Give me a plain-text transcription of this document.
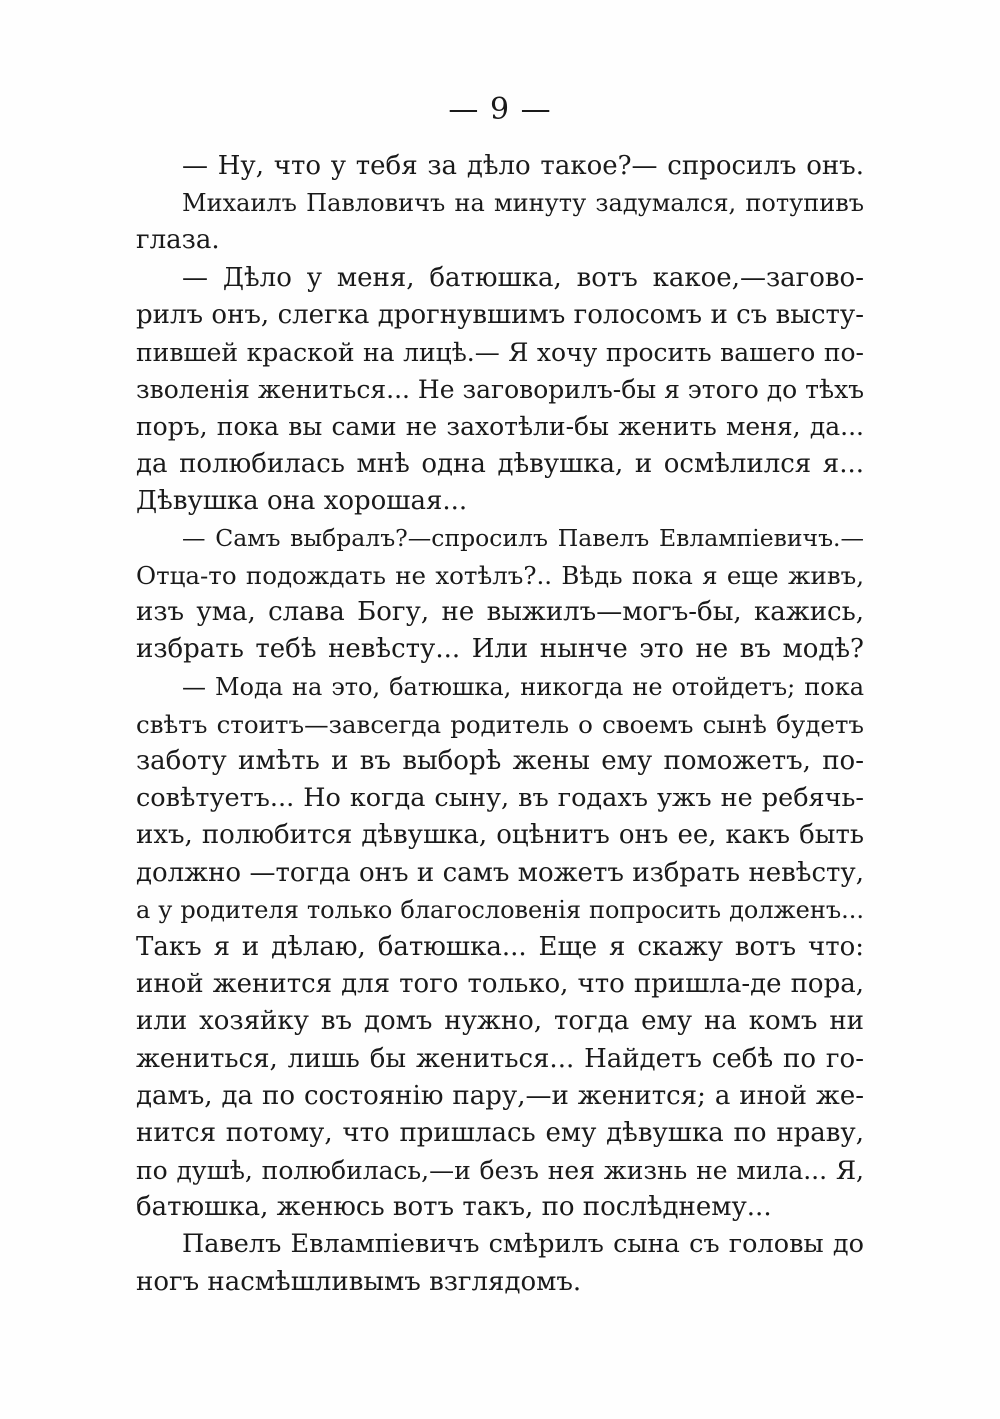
— 9 —
— Ну, что у тебя за дѣло такое?— спросилъ онъ.
Михаилъ Павловичъ на минуту задумался, потупивъ
глаза.
— Дѣло у меня, батюшка, вотъ какое,—загово-
рилъ онъ, слегка дрогнувшимъ голосомъ и съ высту-
пившей краской на лицѣ.— Я хочу просить вашего по-
зволенія жениться... Не заговорилъ-бы я этого до тѣхъ
поръ, пока вы сами не захотѣли-бы женить меня, да...
да полюбилась мнѣ одна дѣвушка, и осмѣлился я...
Дѣвушка она хорошая...
— Самъ выбралъ?—спросилъ Павелъ Евлампіевичъ.—
Отца-то подождать не хотѣлъ?.. Вѣдь пока я еще живъ,
изъ ума, слава Богу, не выжилъ—могъ-бы, кажись,
избрать тебѣ невѣсту... Или нынче это не въ модѣ?
— Мода на это, батюшка, никогда не отойдетъ; пока
свѣтъ стоитъ—завсегда родитель о своемъ сынѣ будетъ
заботу имѣть и въ выборѣ жены ему поможетъ, по-
совѣтуетъ... Но когда сыну, въ годахъ ужъ не ребячь-
ихъ, полюбится дѣвушка, оцѣнитъ онъ ее, какъ быть
должно —тогда онъ и самъ можетъ избрать невѣсту,
а у родителя только благословенія попросить долженъ...
Такъ я и дѣлаю, батюшка... Еще я скажу вотъ что:
иной женится для того только, что пришла-де пора,
или хозяйку въ домъ нужно, тогда ему на комъ ни
жениться, лишь бы жениться... Найдетъ себѣ по го-
дамъ, да по состоянію пару,—и женится; а иной же-
нится потому, что пришлась ему дѣвушка по нраву,
по душѣ, полюбилась,—и безъ нея жизнь не мила... Я,
батюшка, женюсь вотъ такъ, по послѣднему...
Павелъ Евлампіевичъ смѣрилъ сына съ головы до
ногъ насмѣшливымъ взглядомъ.
